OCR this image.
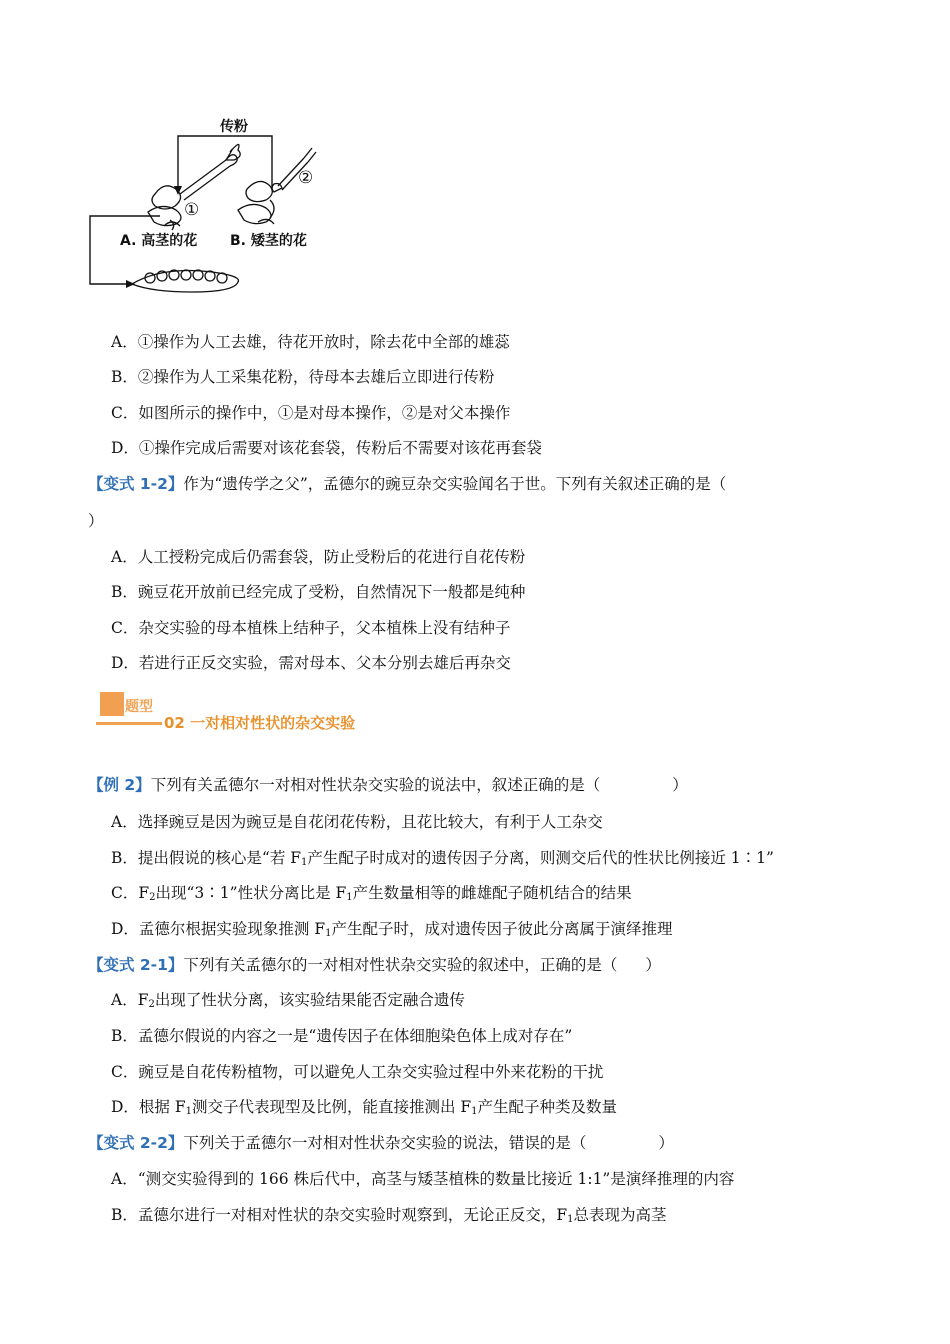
传粉
①
②
A. 高茎的花 B. 矮茎的花
A．①操作为人工去雄，待花开放时，除去花中全部的雄蕊
B．②操作为人工采集花粉，待母本去雄后立即进行传粉
C．如图所示的操作中，①是对母本操作，②是对父本操作
D．①操作完成后需要对该花套袋，传粉后不需要对该花再套袋
【变式 1-2】作为“遗传学之父”，孟德尔的豌豆杂交实验闻名于世。下列有关叙述正确的是（
）
A．人工授粉完成后仍需套袋，防止受粉后的花进行自花传粉
B．豌豆花开放前已经完成了受粉，自然情况下一般都是纯种
C．杂交实验的母本植株上结种子，父本植株上没有结种子
D．若进行正反交实验，需对母本、父本分别去雄后再杂交
题型
02 一对相对性状的杂交实验
【例 2】下列有关孟德尔一对相对性状杂交实验的说法中，叙述正确的是（	）
A．选择豌豆是因为豌豆是自花闭花传粉，且花比较大，有利于人工杂交
B．提出假说的核心是“若 $F_1$产生配子时成对的遗传因子分离，则测交后代的性状比例接近 1∶1”
C．$F_2$出现“3∶1”性状分离比是 $F_1$产生数量相等的雌雄配子随机结合的结果
D．孟德尔根据实验现象推测 $F_1$产生配子时，成对遗传因子彼此分离属于演绎推理
【变式 2-1】下列有关孟德尔的一对相对性状杂交实验的叙述中，正确的是（ ）
A．$F_2$出现了性状分离，该实验结果能否定融合遗传
B．孟德尔假说的内容之一是“遗传因子在体细胞染色体上成对存在”
C．豌豆是自花传粉植物，可以避免人工杂交实验过程中外来花粉的干扰
D．根据 $F_1$测交子代表现型及比例，能直接推测出 $F_1$产生配子种类及数量
【变式 2-2】下列关于孟德尔一对相对性状杂交实验的说法，错误的是（	）
A．“测交实验得到的 166 株后代中，高茎与矮茎植株的数量比接近 1:1”是演绎推理的内容
B．孟德尔进行一对相对性状的杂交实验时观察到，无论正反交，$F_1$总表现为高茎
